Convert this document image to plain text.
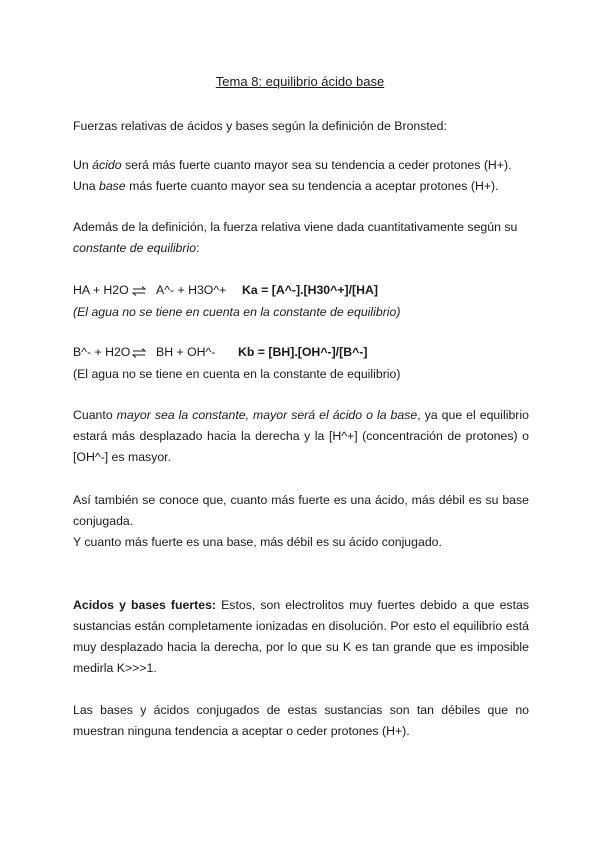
Tema 8: equilibrio ácido base

Fuerzas relativas de ácidos y bases según la definición de Bronsted:

Un ácido será más fuerte cuanto mayor sea su tendencia a ceder protones (H+).

Una base más fuerte cuanto mayor sea su tendencia a aceptar protones (H+).

Además de la definición, la fuerza relativa viene dada cuantitativamente según su
constante de equilibrio:

HA + H2O ⇌ A^- + H3O^+ Ka = [A^-].[H30^+]/[HA]

(El agua no se tiene en cuenta en la constante de equilibrio)

B^- + H2O ⇌ BH + OH^- Kb = [BH].[OH^-]/[B^-]

(El agua no se tiene en cuenta en la constante de equilibrio)

Cuanto mayor sea la constante, mayor será el ácido o la base, ya que el equilibrio estará más desplazado hacia la derecha y la [H^+] (concentración de protones) o [OH^-] es masyor.

Así también se conoce que, cuanto más fuerte es una ácido, más débil es su base conjugada.

Y cuanto más fuerte es una base, más débil es su ácido conjugado.

Acidos y bases fuertes: Estos, son electrolitos muy fuertes debido a que estas sustancias están completamente ionizadas en disolución. Por esto el equilibrio está muy desplazado hacia la derecha, por lo que su K es tan grande que es imposible medirla K>>>1.

Las bases y ácidos conjugados de estas sustancias son tan débiles que no muestran ninguna tendencia a aceptar o ceder protones (H+).
